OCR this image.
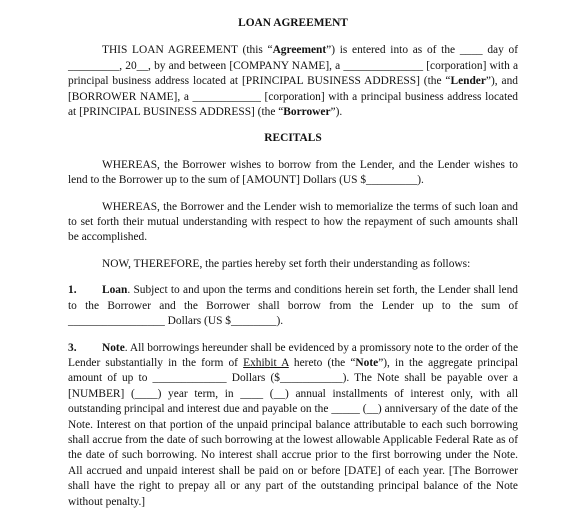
LOAN AGREEMENT

THIS LOAN AGREEMENT (this “Agreement”) is entered into as of the ____ day of _________, 20__, by and between [COMPANY NAME], a ______________ [corporation] with a principal business address located at [PRINCIPAL BUSINESS ADDRESS] (the “Lender”), and [BORROWER NAME], a ____________ [corporation] with a principal business address located at [PRINCIPAL BUSINESS ADDRESS] (the “Borrower”).

RECITALS

WHEREAS, the Borrower wishes to borrow from the Lender, and the Lender wishes to lend to the Borrower up to the sum of [AMOUNT] Dollars (US $_________).

WHEREAS, the Borrower and the Lender wish to memorialize the terms of such loan and to set forth their mutual understanding with respect to how the repayment of such amounts shall be accomplished.

NOW, THEREFORE, the parties hereby set forth their understanding as follows:

1. Loan. Subject to and upon the terms and conditions herein set forth, the Lender shall lend to the Borrower and the Borrower shall borrow from the Lender up to the sum of _________________ Dollars (US $________).

3. Note. All borrowings hereunder shall be evidenced by a promissory note to the order of the Lender substantially in the form of Exhibit A hereto (the “Note”), in the aggregate principal amount of up to _____________ Dollars ($___________). The Note shall be payable over a [NUMBER] (____) year term, in ____ (__) annual installments of interest only, with all outstanding principal and interest due and payable on the _____ (__) anniversary of the date of the Note. Interest on that portion of the unpaid principal balance attributable to each such borrowing shall accrue from the date of such borrowing at the lowest allowable Applicable Federal Rate as of the date of such borrowing. No interest shall accrue prior to the first borrowing under the Note. All accrued and unpaid interest shall be paid on or before [DATE] of each year. [The Borrower shall have the right to prepay all or any part of the outstanding principal balance of the Note without penalty.]
